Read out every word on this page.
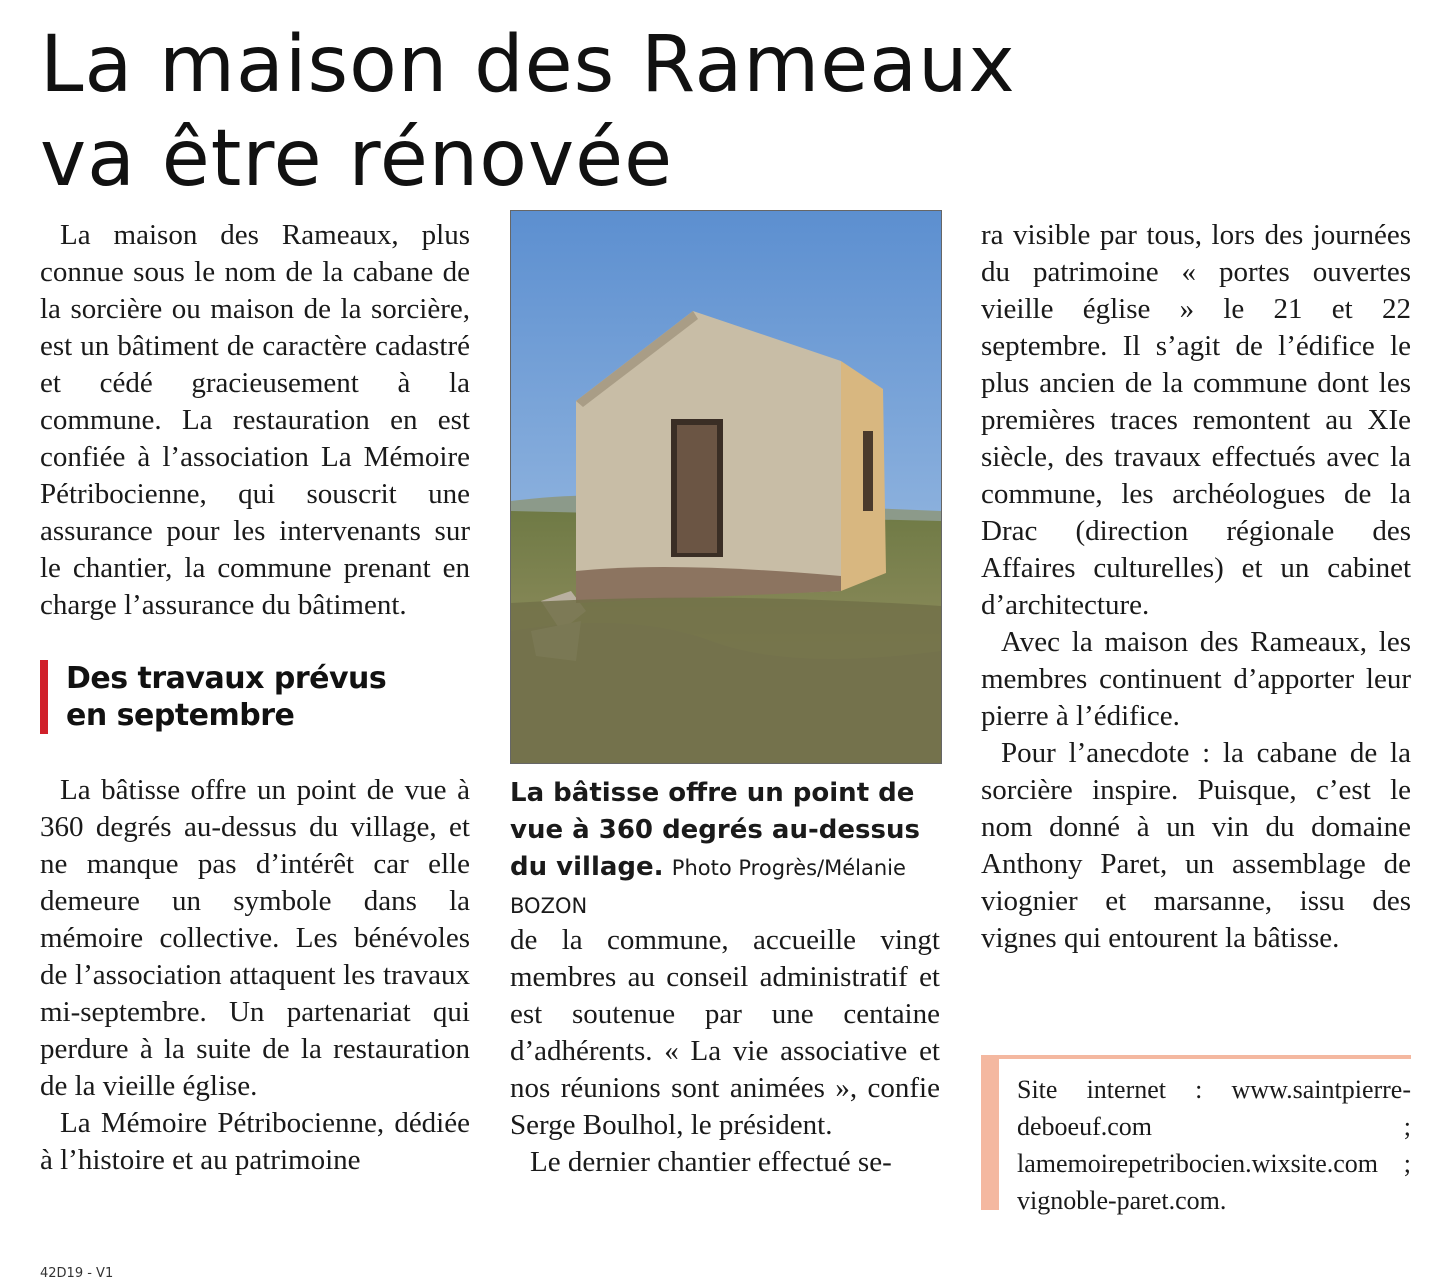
La maison des Rameaux
va être rénovée

La maison des Rameaux, plus connue sous le nom de la cabane de la sorcière ou maison de la sorcière, est un bâtiment de caractère cadastré et cédé gracieusement à la commune. La restauration en est confiée à l’association La Mémoire Pétribocienne, qui souscrit une assurance pour les intervenants sur le chantier, la commune prenant en charge l’assurance du bâtiment.

Des travaux prévus
en septembre

La bâtisse offre un point de vue à 360 degrés au-dessus du village, et ne manque pas d’intérêt car elle demeure un symbole dans la mémoire collective. Les bénévoles de l’association attaquent les travaux mi-septembre. Un partenariat qui perdure à la suite de la restauration de la vieille église.

La Mémoire Pétribocienne, dédiée à l’histoire et au patrimoine

La bâtisse offre un point de vue à 360 degrés au-dessus du village. Photo Progrès/Mélanie BOZON

de la commune, accueille vingt membres au conseil administratif et est soutenue par une centaine d’adhérents. « La vie associative et nos réunions sont animées », confie Serge Boulhol, le président.

Le dernier chantier effectué se-

ra visible par tous, lors des journées du patrimoine « portes ouvertes vieille église » le 21 et 22 septembre. Il s’agit de l’édifice le plus ancien de la commune dont les premières traces remontent au XIe siècle, des travaux effectués avec la commune, les archéologues de la Drac (direction régionale des Affaires culturelles) et un cabinet d’architecture.

Avec la maison des Rameaux, les membres continuent d’apporter leur pierre à l’édifice.

Pour l’anecdote : la cabane de la sorcière inspire. Puisque, c’est le nom donné à un vin du domaine Anthony Paret, un assemblage de viognier et marsanne, issu des vignes qui entourent la bâtisse.

Site internet : www.saintpierre-deboeuf.com ; lamemoirepetribocien.wixsite.com ; vignoble-paret.com.

42D19 - V1
